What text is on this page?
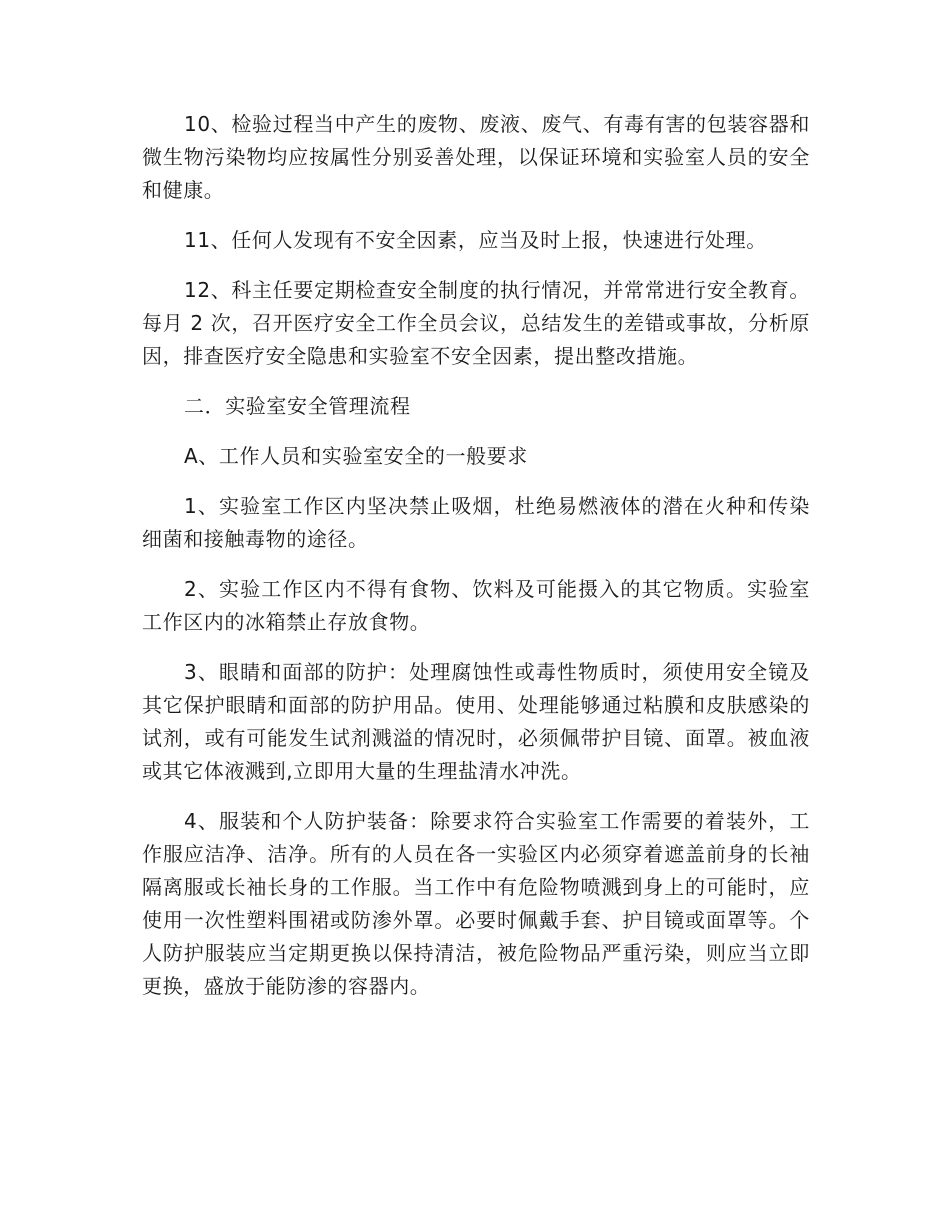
10、检验过程当中产生的废物、废液、废气、有毒有害的包装容器和微生物污染物均应按属性分别妥善处理，以保证环境和实验室人员的安全和健康。

11、任何人发现有不安全因素，应当及时上报，快速进行处理。

12、科主任要定期检查安全制度的执行情况，并常常进行安全教育。每月 2 次，召开医疗安全工作全员会议，总结发生的差错或事故，分析原因，排查医疗安全隐患和实验室不安全因素，提出整改措施。

二．实验室安全管理流程

A、工作人员和实验室安全的一般要求

1、实验室工作区内坚决禁止吸烟，杜绝易燃液体的潜在火种和传染细菌和接触毒物的途径。

2、实验工作区内不得有食物、饮料及可能摄入的其它物质。实验室工作区内的冰箱禁止存放食物。

3、眼睛和面部的防护：处理腐蚀性或毒性物质时，须使用安全镜及其它保护眼睛和面部的防护用品。使用、处理能够通过粘膜和皮肤感染的试剂，或有可能发生试剂溅溢的情况时，必须佩带护目镜、面罩。被血液或其它体液溅到,立即用大量的生理盐清水冲洗。

4、服装和个人防护装备：除要求符合实验室工作需要的着装外，工作服应洁净、洁净。所有的人员在各一实验区内必须穿着遮盖前身的长袖隔离服或长袖长身的工作服。当工作中有危险物喷溅到身上的可能时，应使用一次性塑料围裙或防渗外罩。必要时佩戴手套、护目镜或面罩等。个人防护服装应当定期更换以保持清洁，被危险物品严重污染，则应当立即更换，盛放于能防渗的容器内。
